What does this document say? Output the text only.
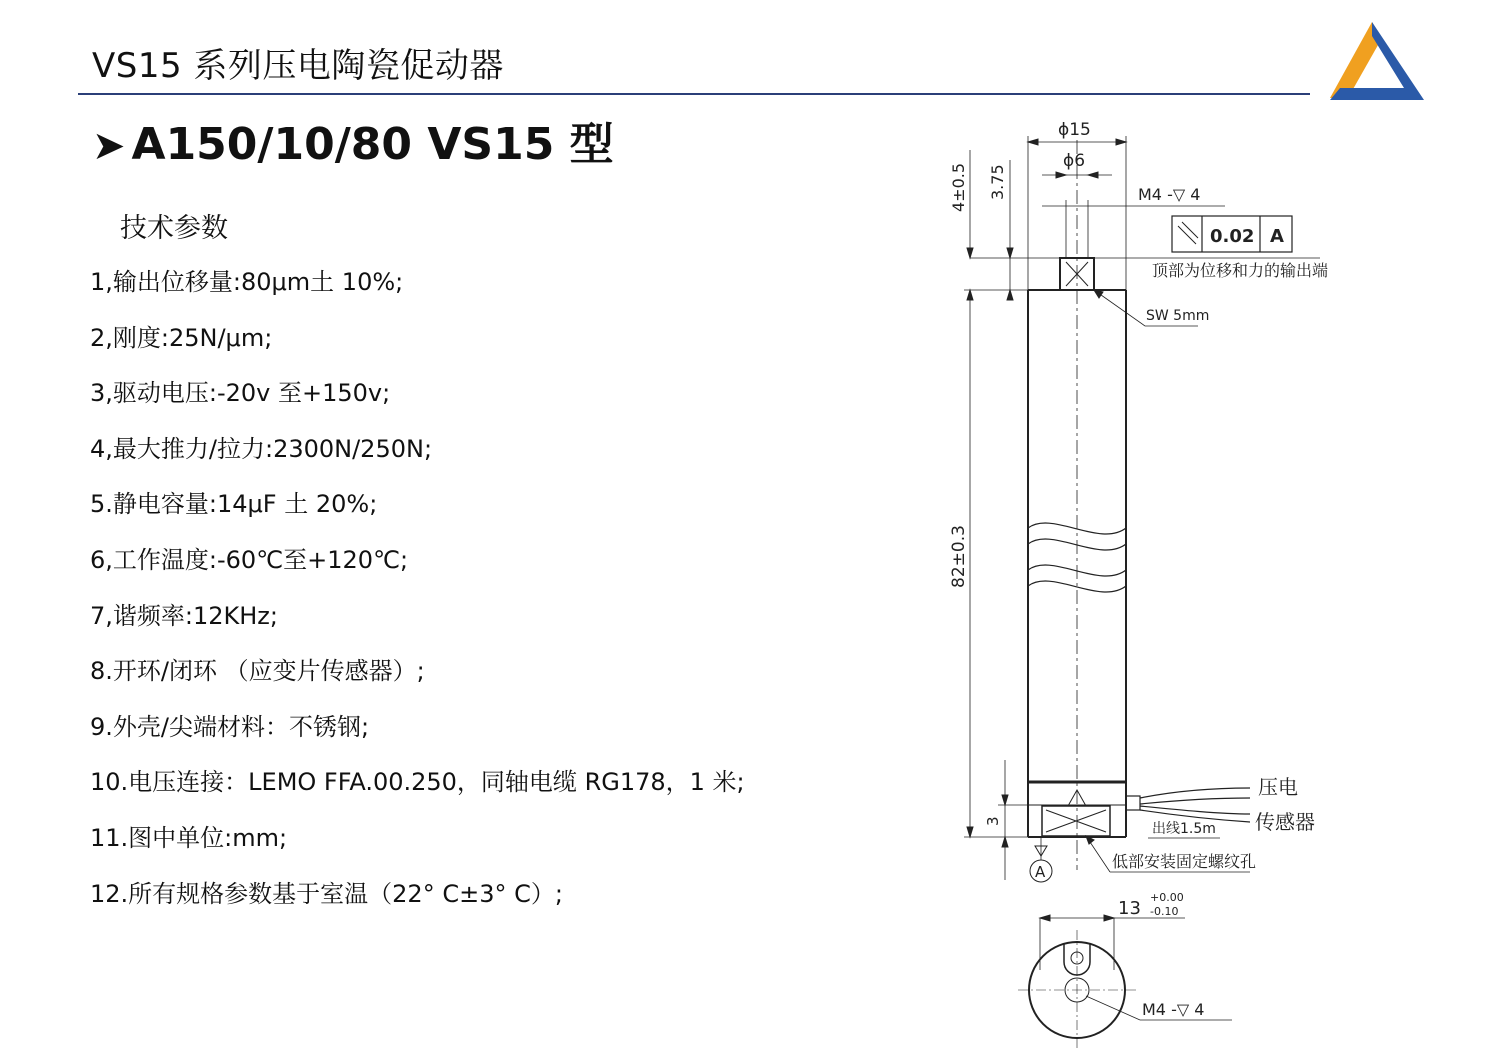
VS15 系列压电陶瓷促动器
➤ A150/10/80 VS15 型
技术参数
1,输出位移量:80μm土 10%;
2,刚度:25N/μm;
3,驱动电压:-20v 至+150v;
4,最大推力/拉力:2300N/250N;
5.静电容量:14μF 土 20%;
6,工作温度:-60℃至+120℃;
7,谐频率:12KHz;
8.开环/闭环 （应变片传感器）;
9.外壳/尖端材料：不锈钢;
10.电压连接：LEMO FFA.00.250，同轴电缆 RG178，1 米;
11.图中单位:mm;
12.所有规格参数基于室温（22° C±3° C）;
ϕ15
ϕ6
M4 -▽ 4
0.02 A
顶部为位移和力的输出端
SW 5mm
4±0.5 3.75
82±0.3
3	出线1.5m
压电
传感器
低部安装固定螺纹孔
A
13
+0.00
-0.10
M4 -▽ 4
